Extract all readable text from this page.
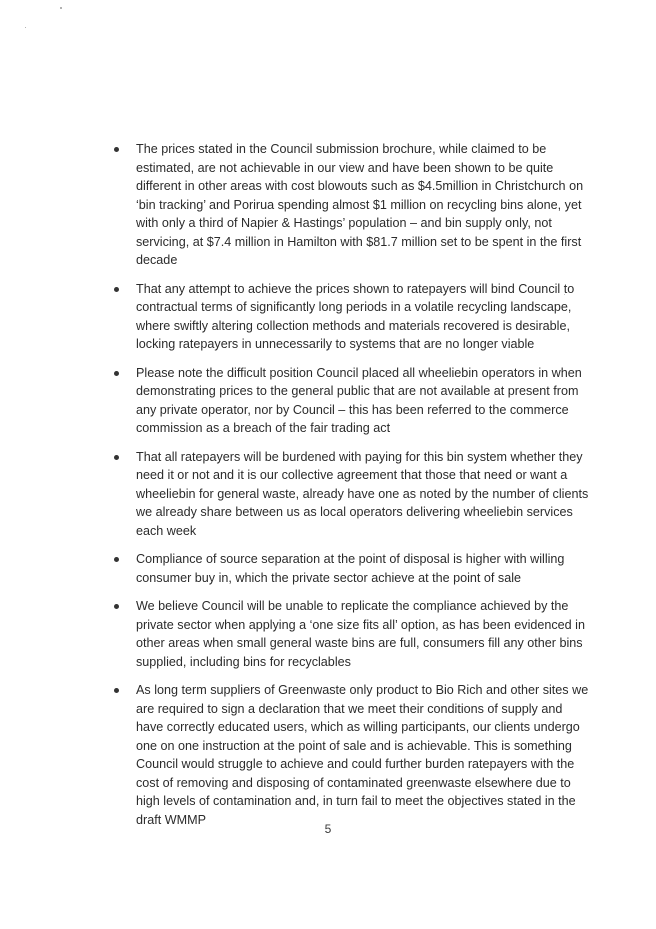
The prices stated in the Council submission brochure, while claimed to be estimated, are not achievable in our view and have been shown to be quite different in other areas with cost blowouts such as $4.5million in Christchurch on ‘bin tracking’ and Porirua spending almost $1 million on recycling bins alone, yet with only a third of Napier & Hastings’ population – and bin supply only, not servicing, at $7.4 million in Hamilton with $81.7 million set to be spent in the first decade
That any attempt to achieve the prices shown to ratepayers will bind Council to contractual terms of significantly long periods in a volatile recycling landscape, where swiftly altering collection methods and materials recovered is desirable, locking ratepayers in unnecessarily to systems that are no longer viable
Please note the difficult position Council placed all wheeliebin operators in when demonstrating prices to the general public that are not available at present from any private operator, nor by Council – this has been referred to the commerce commission as a breach of the fair trading act
That all ratepayers will be burdened with paying for this bin system whether they need it or not and it is our collective agreement that those that need or want a wheeliebin for general waste, already have one as noted by the number of clients we already share between us as local operators delivering wheeliebin services each week
Compliance of source separation at the point of disposal is higher with willing consumer buy in, which the private sector achieve at the point of sale
We believe Council will be unable to replicate the compliance achieved by the private sector when applying a ‘one size fits all’ option, as has been evidenced in other areas when small general waste bins are full, consumers fill any other bins supplied, including bins for recyclables
As long term suppliers of Greenwaste only product to Bio Rich and other sites we are required to sign a declaration that we meet their conditions of supply and have correctly educated users, which as willing participants, our clients undergo one on one instruction at the point of sale and is achievable. This is something Council would struggle to achieve and could further burden ratepayers with the cost of removing and disposing of contaminated greenwaste elsewhere due to high levels of contamination and, in turn fail to meet the objectives stated in the draft WMMP
5
